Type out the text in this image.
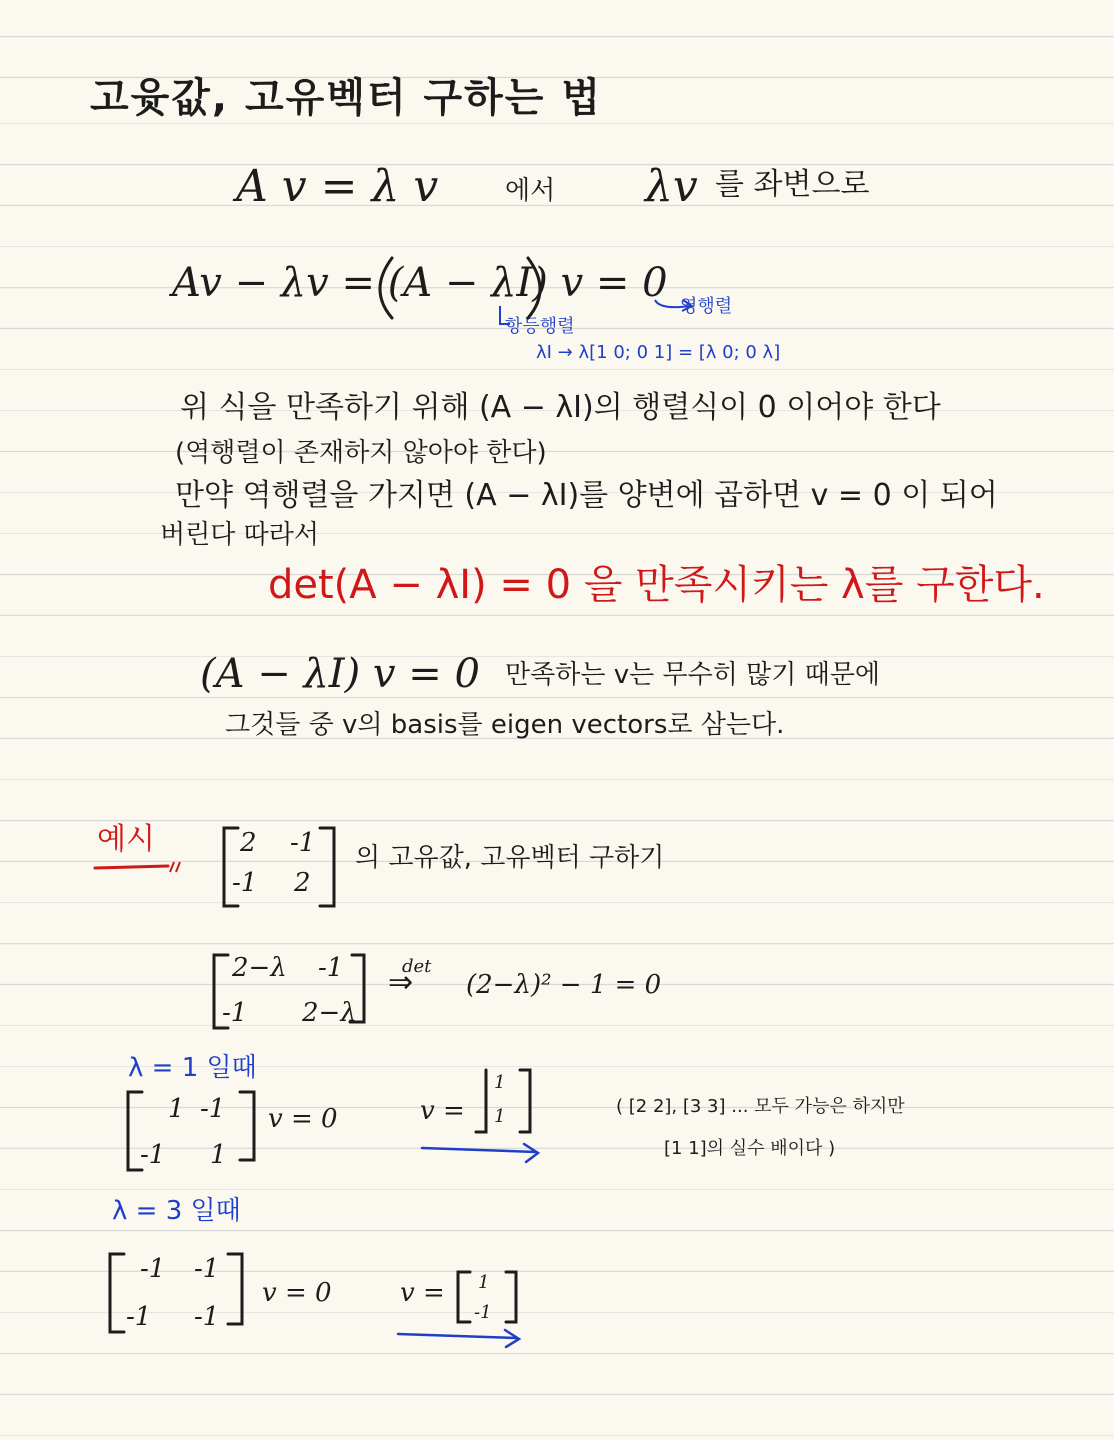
고윳값, 고유벡터 구하는 법
A v = λ v	에서 λv 를 좌변으로
Av − λv = (A − λI) v = 0
영행렬
항등행렬
λI → λ[1 0; 0 1] = [λ 0; 0 λ]
위 식을 만족하기 위해 (A − λI)의 행렬식이 0 이어야 한다
(역행렬이 존재하지 않아야 한다)
만약 역행렬을 가지면 (A − λI)를 양변에 곱하면 v = 0 이 되어
버린다 따라서
det(A − λI) = 0 을 만족시키는 λ를 구한다.
(A − λI) v = 0 만족하는 v는 무수히 많기 때문에
그것들 중 v의 basis를 eigen vectors로 삼는다.
예시
의 고유값, 고유벡터 구하기
2 -1
-1 2
2−λ -1
-1 2−λ
det
⇒ (2−λ)² − 1 = 0
λ = 1 일때
1 -1
-1 1
v = 0	v =
1
1	( [2 2], [3 3] ... 모두 가능은 하지만
[1 1]의 실수 배이다 )
λ = 3 일때
-1 -1
-1 -1
v = 0	v = 1
-1
